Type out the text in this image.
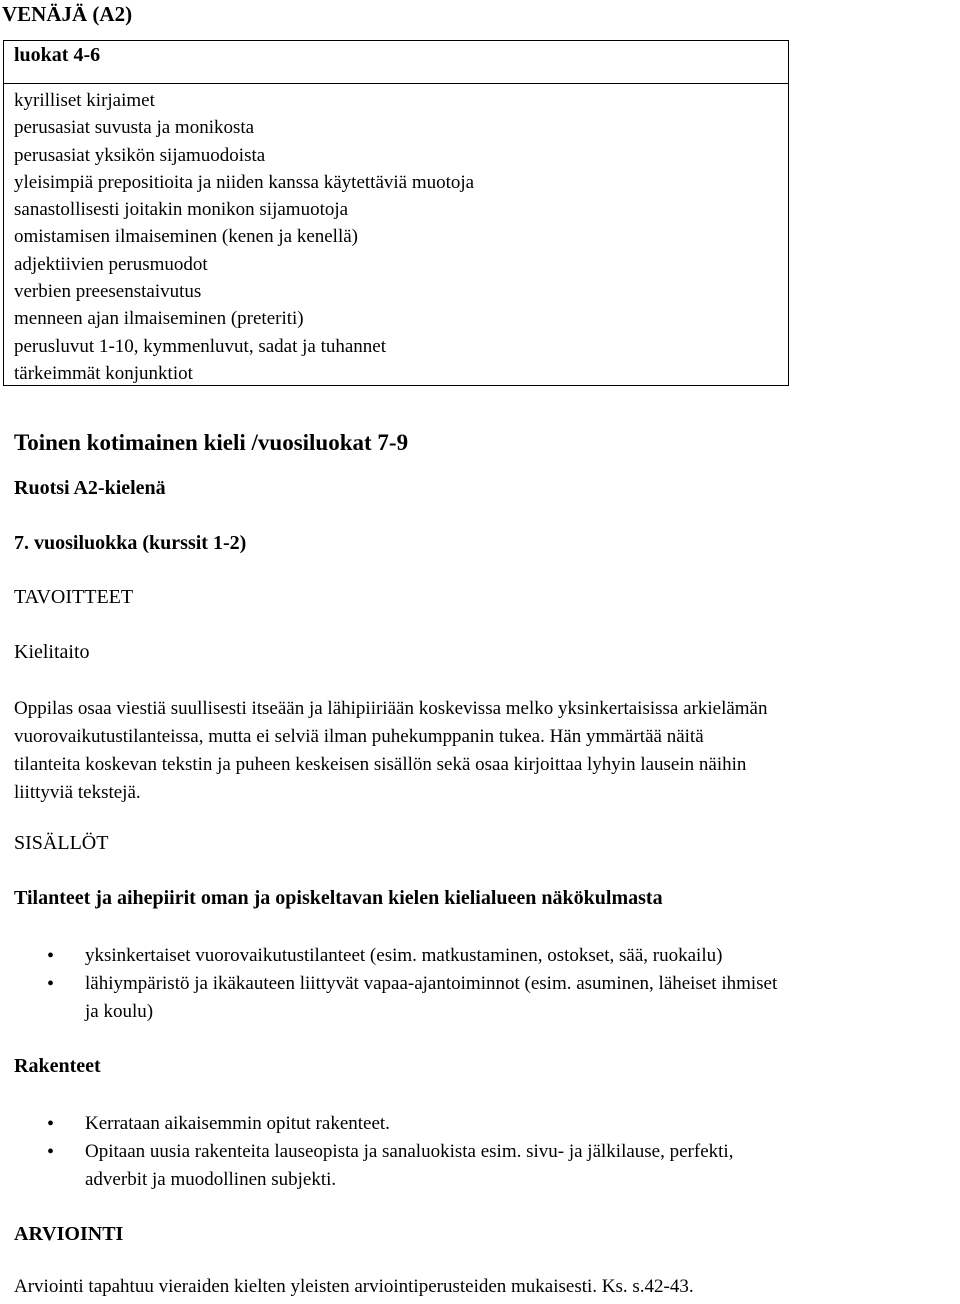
VENÄJÄ (A2)
luokat 4-6
kyrilliset kirjaimet
perusasiat suvusta ja monikosta
perusasiat yksikön sijamuodoista
yleisimpiä prepositioita ja niiden kanssa käytettäviä muotoja
sanastollisesti joitakin monikon sijamuotoja
omistamisen ilmaiseminen (kenen ja kenellä)
adjektiivien perusmuodot
verbien preesenstaivutus
menneen ajan ilmaiseminen (preteriti)
perusluvut 1-10, kymmenluvut, sadat ja tuhannet
tärkeimmät konjunktiot
Toinen kotimainen kieli /vuosiluokat 7-9
Ruotsi A2-kielenä
7. vuosiluokka (kurssit 1-2)
TAVOITTEET
Kielitaito
Oppilas osaa viestiä suullisesti itseään ja lähipiiriään koskevissa melko yksinkertaisissa arkielämän
vuorovaikutustilanteissa, mutta ei selviä ilman puhekumppanin tukea. Hän ymmärtää näitä
tilanteita koskevan tekstin ja puheen keskeisen sisällön sekä osaa kirjoittaa lyhyin lausein näihin
liittyviä tekstejä.
SISÄLLÖT
Tilanteet ja aihepiirit oman ja opiskeltavan kielen kielialueen näkökulmasta
• yksinkertaiset vuorovaikutustilanteet (esim. matkustaminen, ostokset, sää, ruokailu)
• lähiympäristö ja ikäkauteen liittyvät vapaa-ajantoiminnot (esim. asuminen, läheiset ihmiset
ja koulu)
Rakenteet
• Kerrataan aikaisemmin opitut rakenteet.
• Opitaan uusia rakenteita lauseopista ja sanaluokista esim. sivu- ja jälkilause, perfekti,
adverbit ja muodollinen subjekti.
ARVIOINTI
Arviointi tapahtuu vieraiden kielten yleisten arviointiperusteiden mukaisesti. Ks. s.42-43.
